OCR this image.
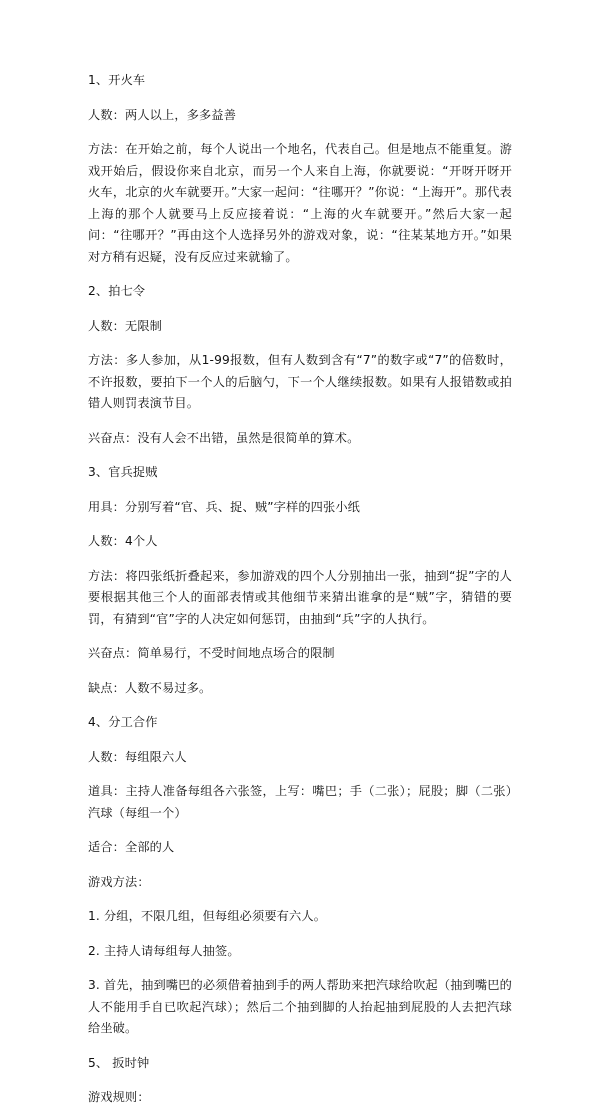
1、开火车

人数：两人以上，多多益善

方法：在开始之前，每个人说出一个地名，代表自己。但是地点不能重复。游戏开始后，假设你来自北京，而另一个人来自上海，你就要说：“开呀开呀开火车，北京的火车就要开。”大家一起问：“往哪开？”你说：“上海开”。那代表上海的那个人就要马上反应接着说：“上海的火车就要开。”然后大家一起问：“往哪开？”再由这个人选择另外的游戏对象，说：“往某某地方开。”如果对方稍有迟疑，没有反应过来就输了。

2、拍七令

人数：无限制

方法：多人参加，从1-99报数，但有人数到含有“7”的数字或“7”的倍数时，不许报数，要拍下一个人的后脑勺，下一个人继续报数。如果有人报错数或拍错人则罚表演节目。

兴奋点：没有人会不出错，虽然是很简单的算术。

3、官兵捉贼

用具：分别写着“官、兵、捉、贼”字样的四张小纸

人数：4个人

方法：将四张纸折叠起来，参加游戏的四个人分别抽出一张，抽到“捉”字的人要根据其他三个人的面部表情或其他细节来猜出谁拿的是“贼”字，猜错的要罚，有猜到“官”字的人决定如何惩罚，由抽到“兵”字的人执行。

兴奋点：简单易行，不受时间地点场合的限制

缺点：人数不易过多。

4、分工合作

人数：每组限六人

道具：主持人准备每组各六张签，上写：嘴巴；手（二张）；屁股；脚（二张）汽球（每组一个）

适合：全部的人

游戏方法：

1. 分组，不限几组，但每组必须要有六人。

2. 主持人请每组每人抽签。

3. 首先，抽到嘴巴的必须借着抽到手的两人帮助来把汽球给吹起（抽到嘴巴的人不能用手自已吹起汽球）；然后二个抽到脚的人抬起抽到屁股的人去把汽球给坐破。

5、 扳时钟

游戏规则：
